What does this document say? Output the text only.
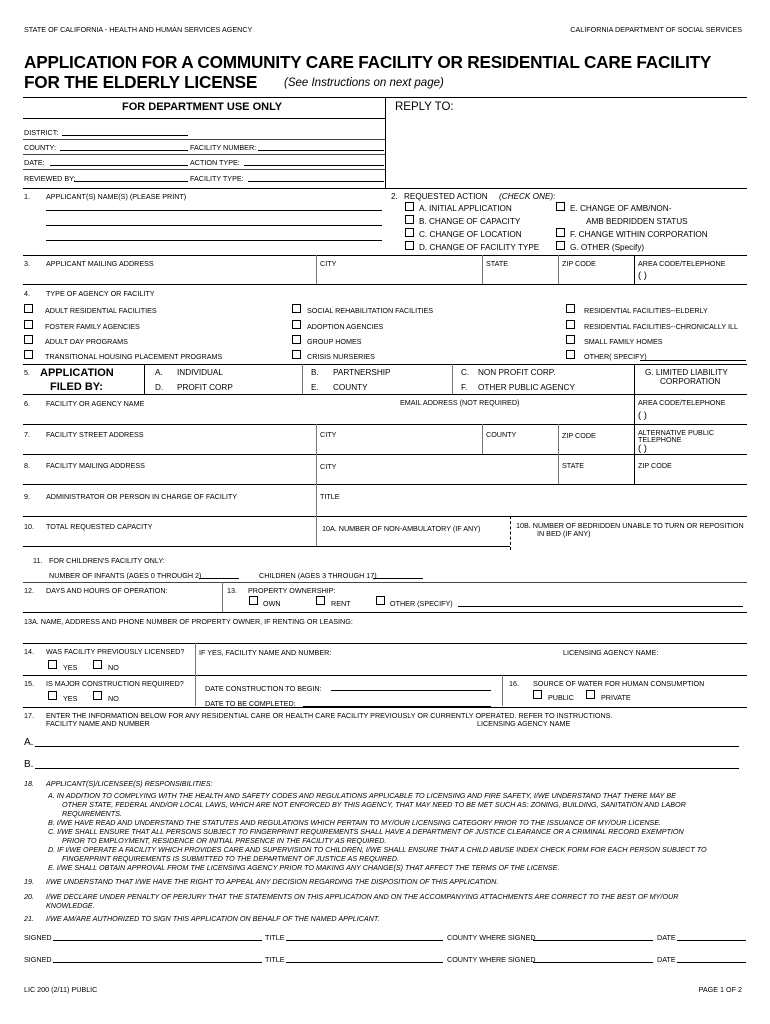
STATE OF CALIFORNIA - HEALTH AND HUMAN SERVICES AGENCY	CALIFORNIA DEPARTMENT OF SOCIAL SERVICES
APPLICATION FOR A COMMUNITY CARE FACILITY OR RESIDENTIAL CARE FACILITY
FOR THE ELDERLY LICENSE (See Instructions on next page)
FOR DEPARTMENT USE ONLY	REPLY TO:
DISTRICT:
COUNTY:	FACILITY NUMBER:
DATE:	ACTION TYPE:
REVIEWED BY:	FACILITY TYPE:
1. APPLICANT(S) NAME(S) (PLEASE PRINT)	2. REQUESTED ACTION (CHECK ONE):
A. INITIAL APPLICATION
B. CHANGE OF CAPACITY
C. CHANGE OF LOCATION
D. CHANGE OF FACILITY TYPE
E. CHANGE OF AMB/NON-
AMB BEDRIDDEN STATUS
F. CHANGE WITHIN CORPORATION
G. OTHER (Specify)
3. APPLICANT MAILING ADDRESS	CITY	STATE	ZIP CODE	AREA CODE/TELEPHONE
( )
4. TYPE OF AGENCY OR FACILITY
ADULT RESIDENTIAL FACILITIES
FOSTER FAMILY AGENCIES
ADULT DAY PROGRAMS
TRANSITIONAL HOUSING PLACEMENT PROGRAMS
SOCIAL REHABILITATION FACILITIES
ADOPTION AGENCIES
GROUP HOMES
CRISIS NURSERIES
RESIDENTIAL FACILITIES--ELDERLY
RESIDENTIAL FACILITIES--CHRONICALLY ILL
SMALL FAMILY HOMES
OTHER( SPECIFY)
5. APPLICATION
FILED BY:
A. INDIVIDUAL
D. PROFIT CORP
B. PARTNERSHIP
E. COUNTY
C. NON PROFIT CORP.
F. OTHER PUBLIC AGENCY
G. LIMITED LIABILITY
CORPORATION
6. FACILITY OR AGENCY NAME	EMAIL ADDRESS (NOT REQUIRED)	AREA CODE/TELEPHONE
( )
7. FACILITY STREET ADDRESS	CITY	COUNTY	ZIP CODE	ALTERNATIVE PUBLIC
TELEPHONE
( )
8. FACILITY MAILING ADDRESS	CITY	STATE	ZIP CODE
9. ADMINISTRATOR OR PERSON IN CHARGE OF FACILITY	TITLE
10. TOTAL REQUESTED CAPACITY	10A. NUMBER OF NON-AMBULATORY (IF ANY)	10B. NUMBER OF BEDRIDDEN UNABLE TO TURN OR REPOSITION
IN BED (IF ANY)
11. FOR CHILDREN'S FACILITY ONLY:
NUMBER OF INFANTS (AGES 0 THROUGH 2)	CHILDREN (AGES 3 THROUGH 17)
12. DAYS AND HOURS OF OPERATION:	13. PROPERTY OWNERSHIP:
OWN	RENT	OTHER (SPECIFY)
13A. NAME, ADDRESS AND PHONE NUMBER OF PROPERTY OWNER, IF RENTING OR LEASING:
14. WAS FACILITY PREVIOUSLY LICENSED? IF YES, FACILITY NAME AND NUMBER:	LICENSING AGENCY NAME:
YES	NO
15. IS MAJOR CONSTRUCTION REQUIRED?
YES	NO
DATE CONSTRUCTION TO BEGIN:
DATE TO BE COMPLETED:
16. SOURCE OF WATER FOR HUMAN CONSUMPTION
PUBLIC	PRIVATE
17. ENTER THE INFORMATION BELOW FOR ANY RESIDENTIAL CARE OR HEALTH CARE FACILITY PREVIOUSLY OR CURRENTLY OPERATED. REFER TO INSTRUCTIONS.
FACILITY NAME AND NUMBER	LICENSING AGENCY NAME
A.
B.
18. APPLICANT(S)/LICENSEE(S) RESPONSIBILITIES:
A. IN ADDITION TO COMPLYING WITH THE HEALTH AND SAFETY CODES AND REGULATIONS APPLICABLE TO LICENSING AND FIRE SAFETY, I/WE UNDERSTAND THAT THERE MAY BE
OTHER STATE, FEDERAL AND/OR LOCAL LAWS, WHICH ARE NOT ENFORCED BY THIS AGENCY, THAT MAY NEED TO BE MET SUCH AS: ZONING, BUILDING, SANITATION AND LABOR
REQUIREMENTS.
B. I/WE HAVE READ AND UNDERSTAND THE STATUTES AND REGULATIONS WHICH PERTAIN TO MY/OUR LICENSING CATEGORY PRIOR TO THE ISSUANCE OF MY/OUR LICENSE.
C. I/WE SHALL ENSURE THAT ALL PERSONS SUBJECT TO FINGERPRINT REQUIREMENTS SHALL HAVE A DEPARTMENT OF JUSTICE CLEARANCE OR A CRIMINAL RECORD EXEMPTION
PRIOR TO EMPLOYMENT, RESIDENCE OR INITIAL PRESENCE IN THE FACILITY AS REQUIRED.
D. IF I/WE OPERATE A FACILITY WHICH PROVIDES CARE AND SUPERVISION TO CHILDREN, I/WE SHALL ENSURE THAT A CHILD ABUSE INDEX CHECK FORM FOR EACH PERSON SUBJECT TO
FINGERPRINT REQUIREMENTS IS SUBMITTED TO THE DEPARTMENT OF JUSTICE AS REQUIRED.
E. I/WE SHALL OBTAIN APPROVAL FROM THE LICENSING AGENCY PRIOR TO MAKING ANY CHANGE(S) THAT AFFECT THE TERMS OF THE LICENSE.
19. I/WE UNDERSTAND THAT I/WE HAVE THE RIGHT TO APPEAL ANY DECISION REGARDING THE DISPOSITION OF THIS APPLICATION.
20. I/WE DECLARE UNDER PENALTY OF PERJURY THAT THE STATEMENTS ON THIS APPLICATION AND ON THE ACCOMPANYING ATTACHMENTS ARE CORRECT TO THE BEST OF MY/OUR
KNOWLEDGE.
21. I/WE AM/ARE AUTHORIZED TO SIGN THIS APPLICATION ON BEHALF OF THE NAMED APPLICANT.
SIGNED	TITLE	COUNTY WHERE SIGNED	DATE
SIGNED	TITLE	COUNTY WHERE SIGNED	DATE
LIC 200 (2/11) PUBLIC	PAGE 1 OF 2
